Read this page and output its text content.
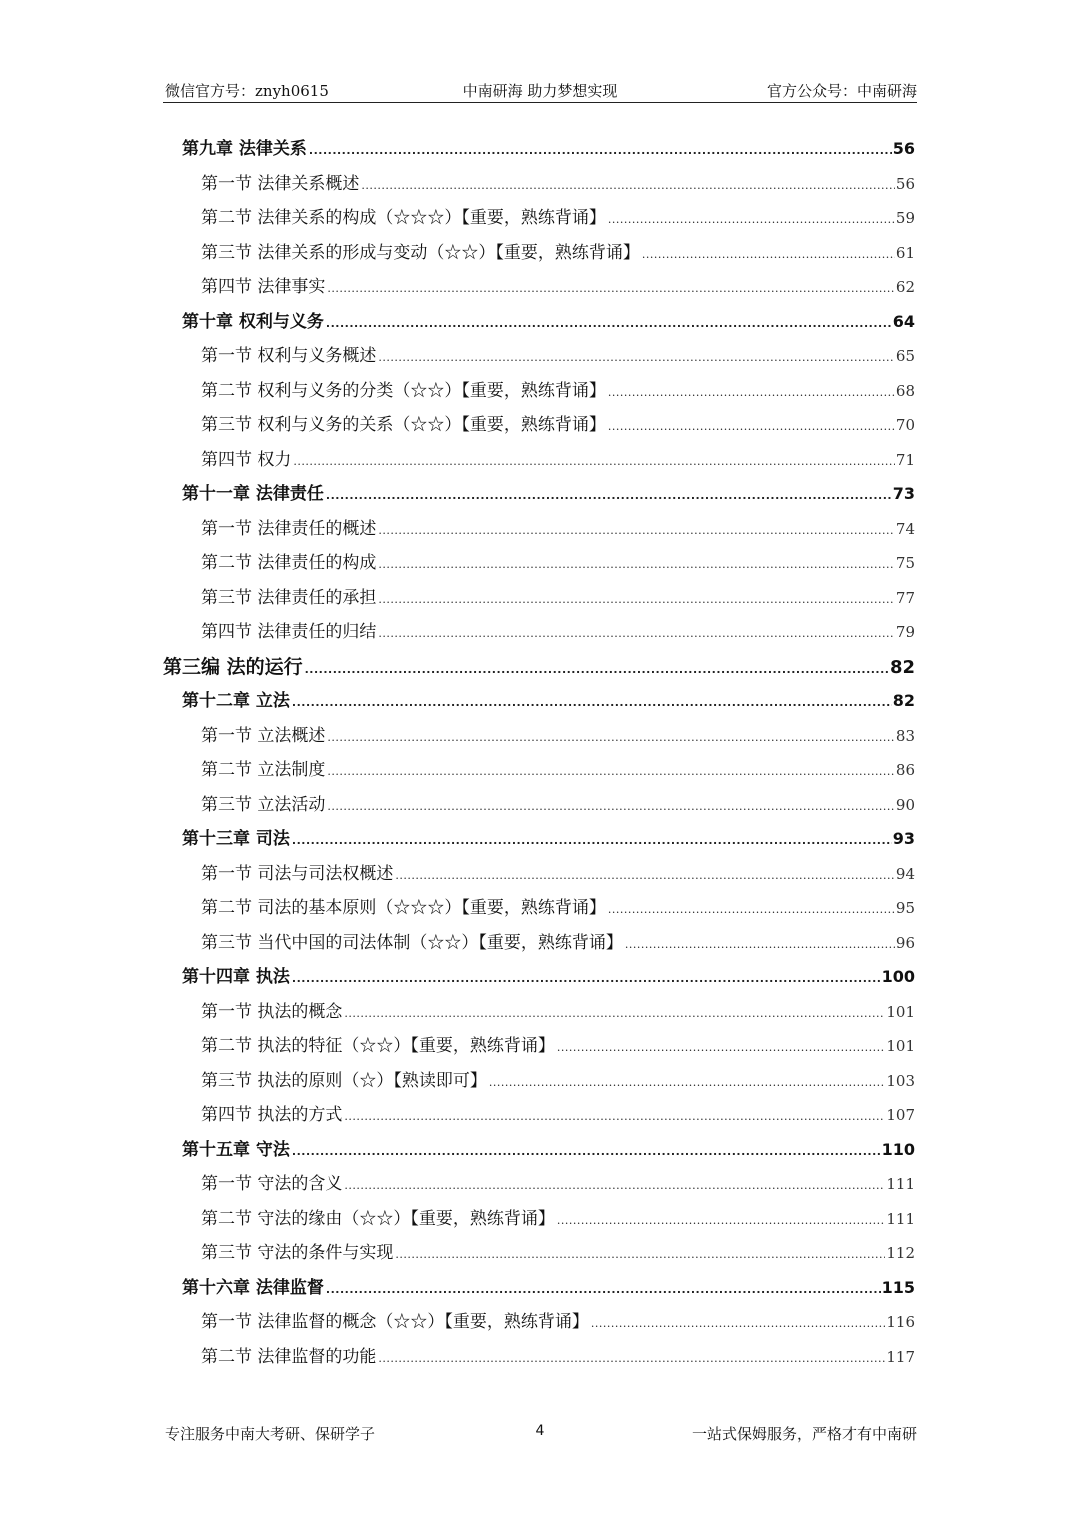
微信官方号：znyh0615	中南研海 助力梦想实现	官方公众号：中南研海
第九章 法律关系 .....	56
第一节 法律关系概述 .....	56
第二节 法律关系的构成（☆☆☆）【重要，熟练背诵】 .....	59
第三节 法律关系的形成与变动（☆☆）【重要，熟练背诵】 .....	61
第四节 法律事实 .....	62
第十章 权利与义务 .....	64
第一节 权利与义务概述 .....	65
第二节 权利与义务的分类（☆☆）【重要，熟练背诵】 .....	68
第三节 权利与义务的关系（☆☆）【重要，熟练背诵】 .....	70
第四节 权力 .....	71
第十一章 法律责任 .....	73
第一节 法律责任的概述 .....	74
第二节 法律责任的构成 .....	75
第三节 法律责任的承担 .....	77
第四节 法律责任的归结 .....	79
第三编 法的运行 .....	82
第十二章 立法 .....	82
第一节 立法概述 .....	83
第二节 立法制度 .....	86
第三节 立法活动 .....	90
第十三章 司法 .....	93
第一节 司法与司法权概述 .....	94
第二节 司法的基本原则（☆☆☆）【重要，熟练背诵】 .....	95
第三节 当代中国的司法体制（☆☆）【重要，熟练背诵】 .....	96
第十四章 执法 .....	100
第一节 执法的概念 .....	101
第二节 执法的特征（☆☆）【重要，熟练背诵】 .....	101
第三节 执法的原则（☆）【熟读即可】 .....	103
第四节 执法的方式 .....	107
第十五章 守法 .....	110
第一节 守法的含义 .....	111
第二节 守法的缘由（☆☆）【重要，熟练背诵】 .....	111
第三节 守法的条件与实现 .....	112
第十六章 法律监督 .....	115
第一节 法律监督的概念（☆☆）【重要，熟练背诵】 .....	116
第二节 法律监督的功能 .....	117
专注服务中南大考研、保研学子	4	一站式保姆服务，严格才有中南研
